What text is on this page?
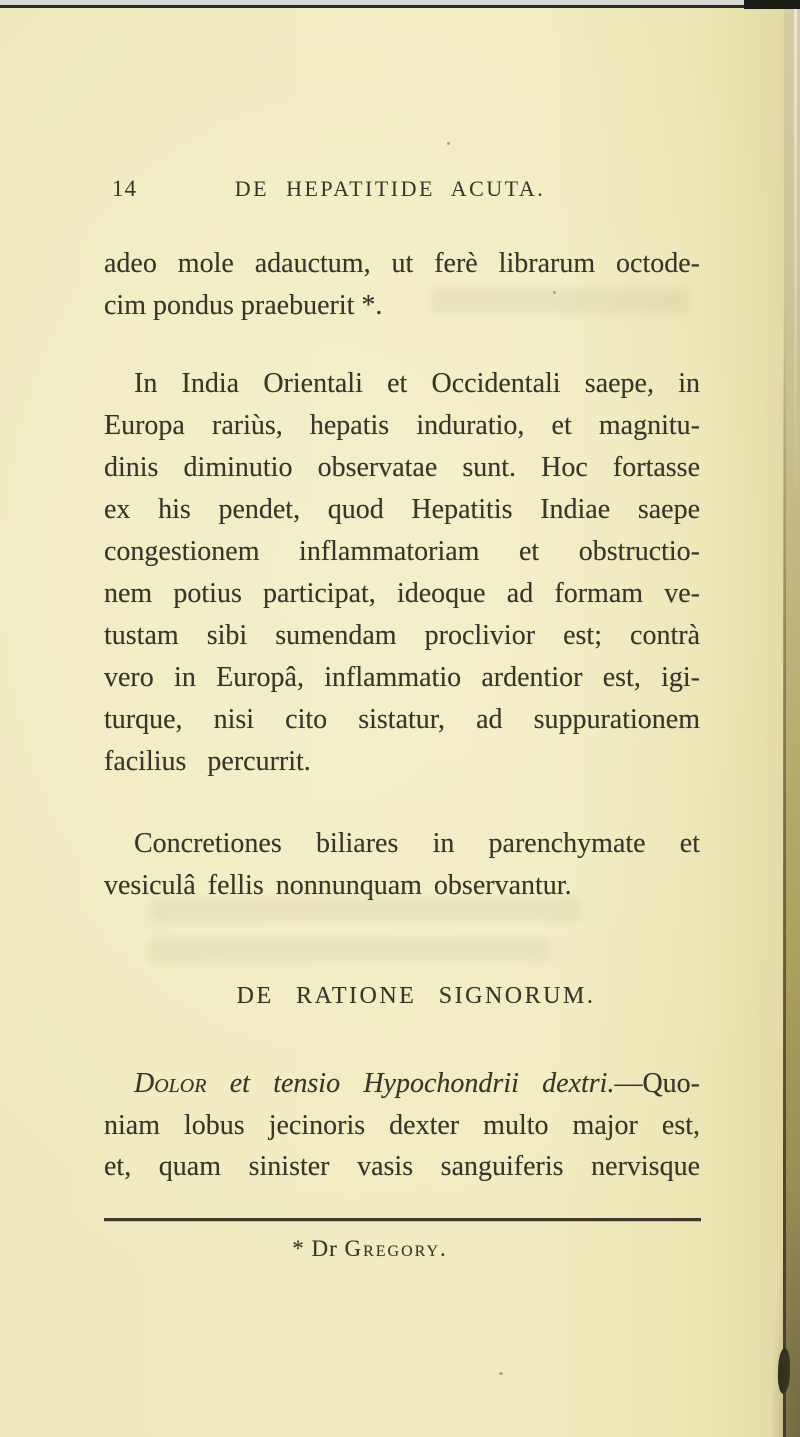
14	DE HEPATITIDE ACUTA.
adeo mole adauctum, ut ferè librarum octode-
cim pondus praebuerit *.
In India Orientali et Occidentali saepe, in
Europa rariùs, hepatis induratio, et magnitu-
dinis diminutio observatae sunt. Hoc fortasse
ex his pendet, quod Hepatitis Indiae saepe
congestionem inflammatoriam et obstructio-
nem potius participat, ideoque ad formam ve-
tustam sibi sumendam proclivior est; contrà
vero in Europâ, inflammatio ardentior est, igi-
turque, nisi cito sistatur, ad suppurationem
facilius percurrit.
Concretiones biliares in parenchymate et
vesiculâ fellis nonnunquam observantur.
DE RATIONE SIGNORUM.
Dolor et tensio Hypochondrii dextri.—Quo-
niam lobus jecinoris dexter multo major est,
et, quam sinister vasis sanguiferis nervisque
* Dr Gregory.
